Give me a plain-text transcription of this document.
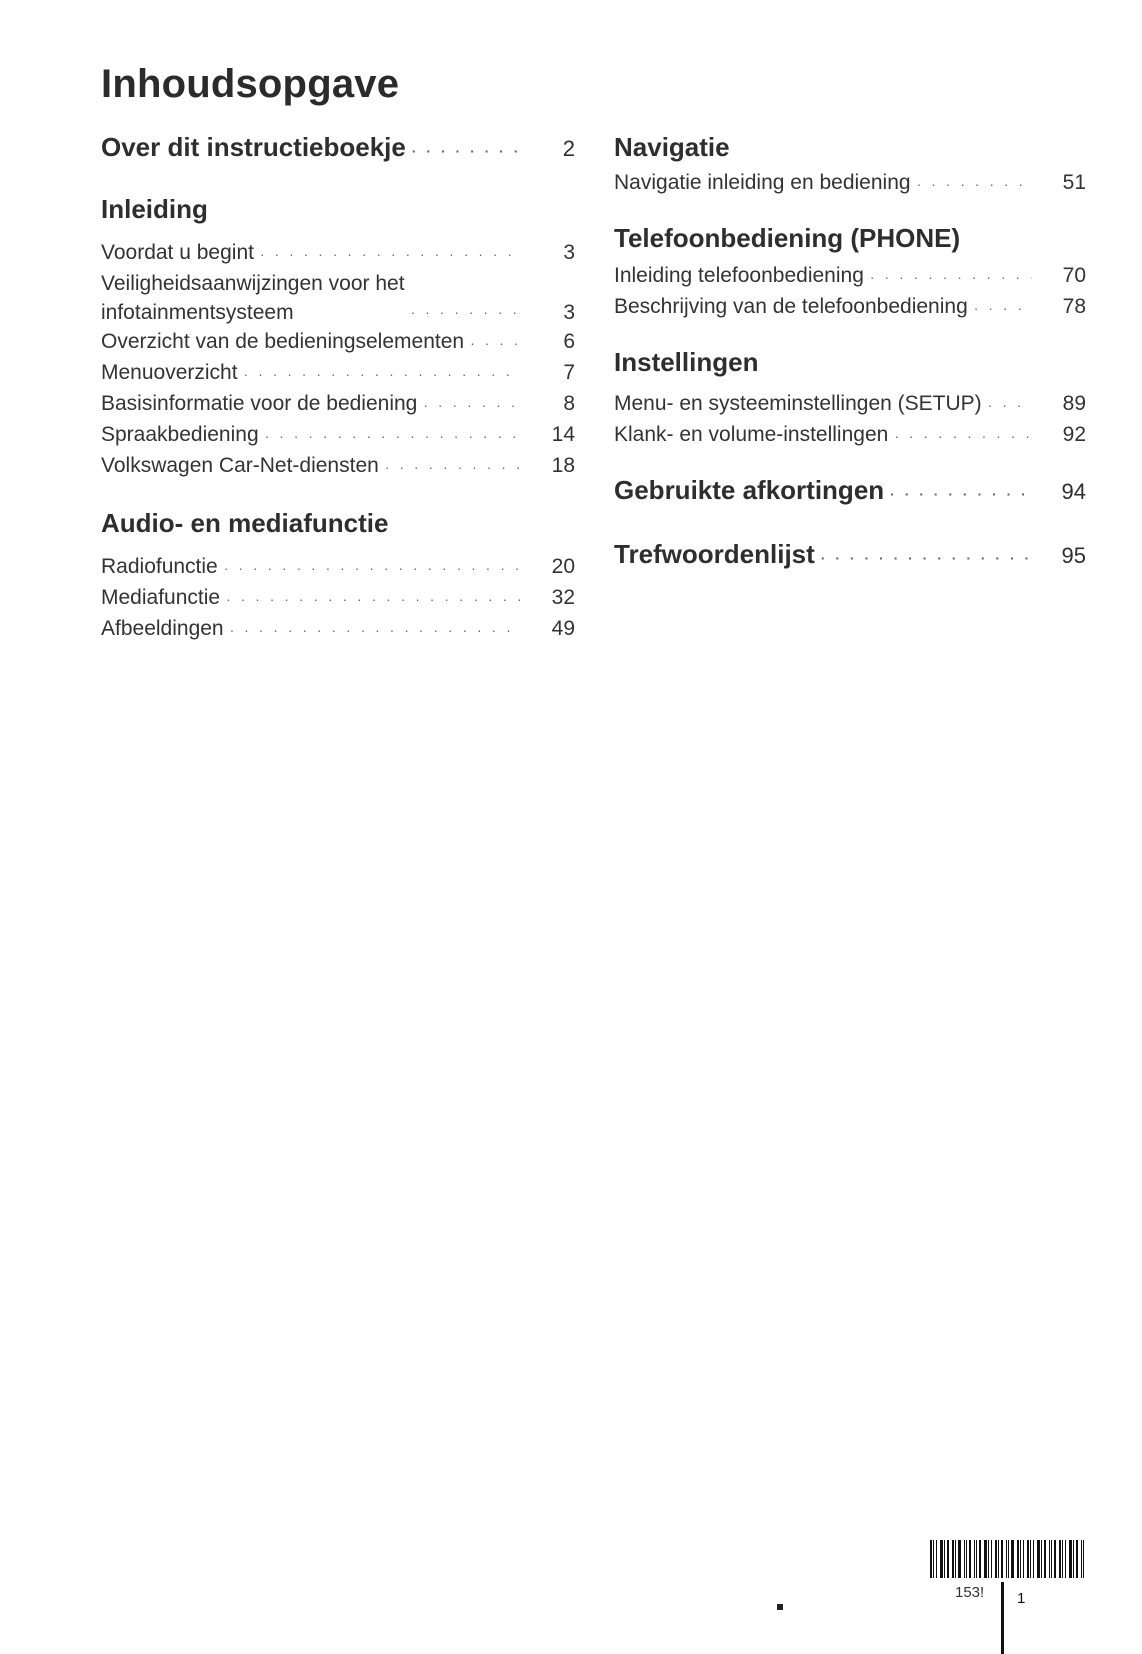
Inhoudsopgave
Over dit instructieboekje · · ·	2
Inleiding
Voordat u begint · · ·	3
Veiligheidsaanwijzingen voor het
infotainmentsysteem · · ·	3
Overzicht van de bedieningselementen · · ·	6
Menuoverzicht · · ·	7
Basisinformatie voor de bediening · · ·	8
Spraakbediening · · ·	14
Volkswagen Car-Net-diensten · · ·	18
Audio- en mediafunctie
Radiofunctie · · ·	20
Mediafunctie · · ·	32
Afbeeldingen · · ·	49
Navigatie
Navigatie inleiding en bediening · · ·	51
Telefoonbediening (PHONE)
Inleiding telefoonbediening · · ·	70
Beschrijving van de telefoonbediening · · ·	78
Instellingen
Menu- en systeeminstellingen (SETUP) · · ·	89
Klank- en volume-instellingen · · ·	92
Gebruikte afkortingen · · ·	94
Trefwoordenlijst · · ·	95
153! 1
